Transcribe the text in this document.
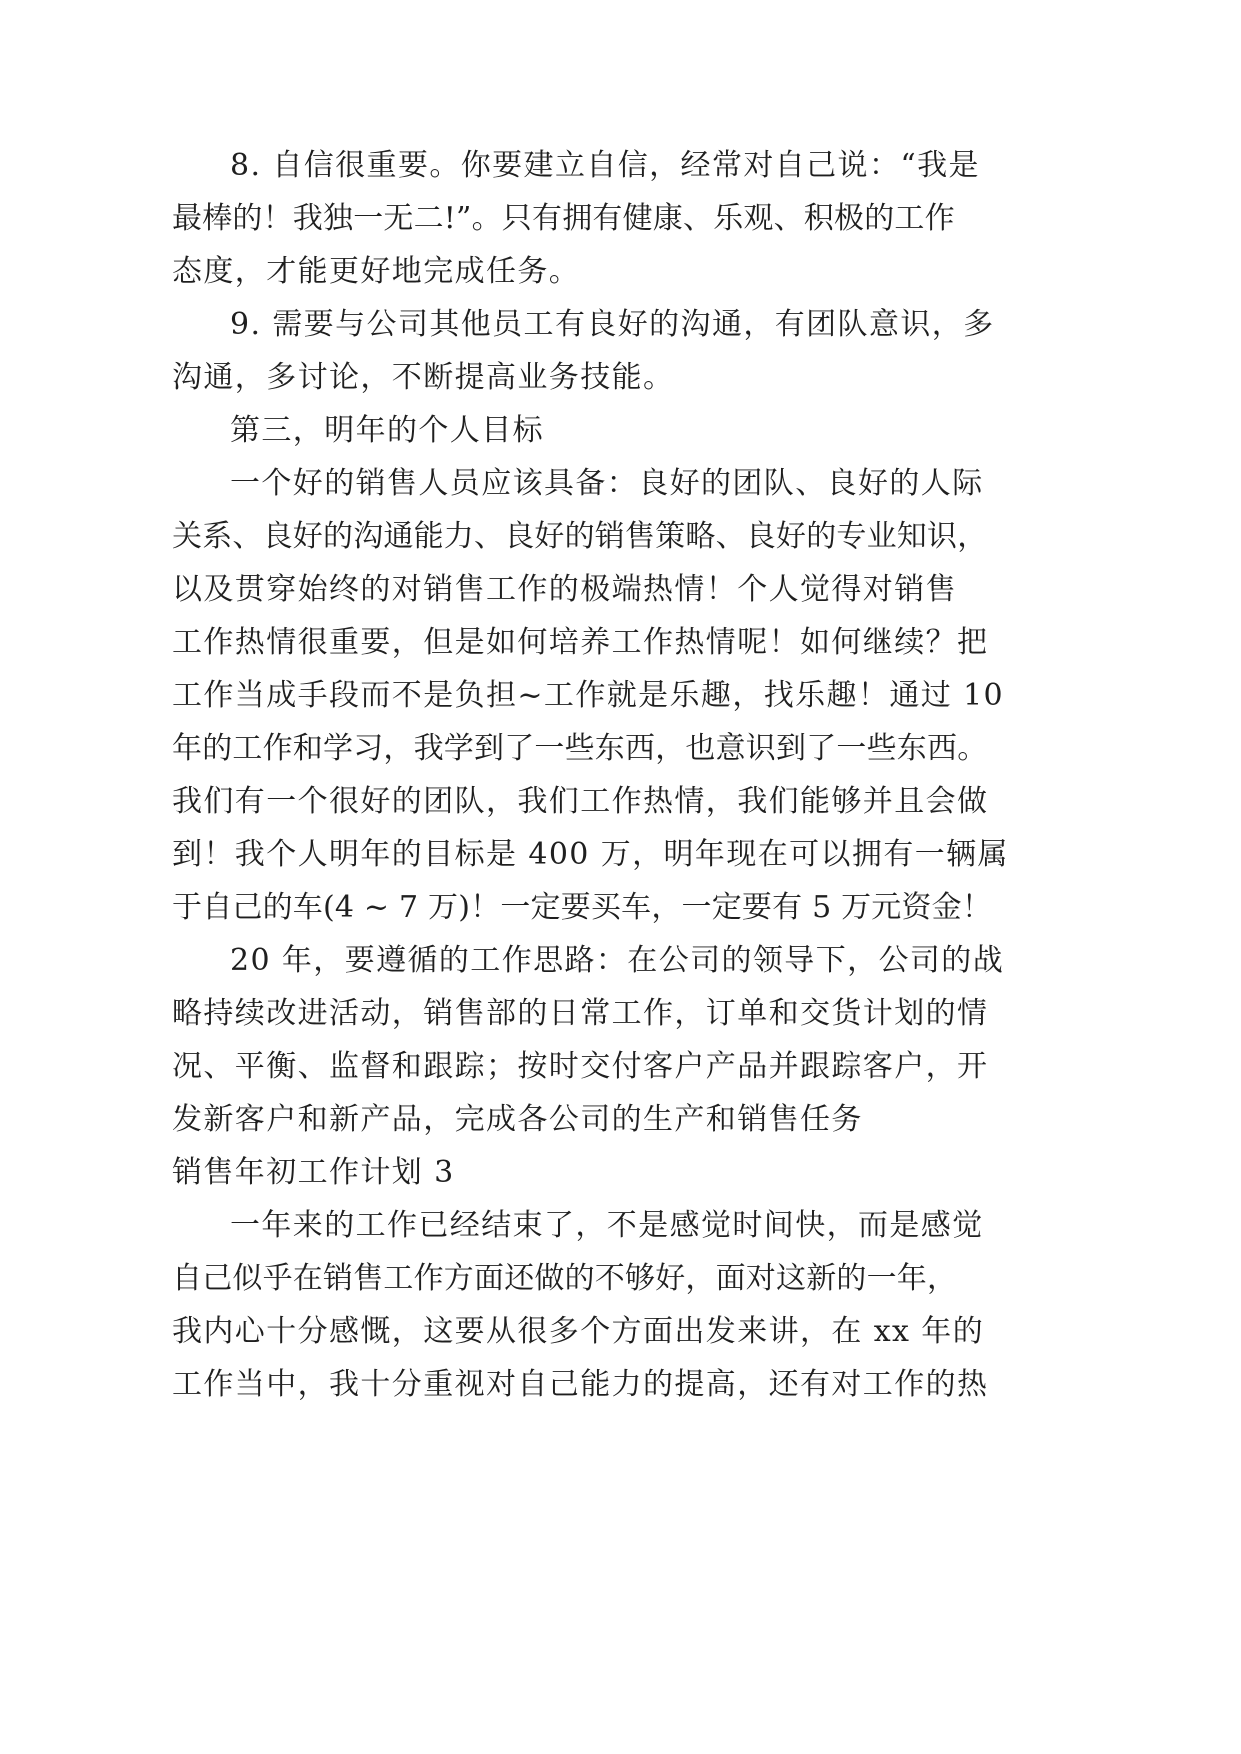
8. 自信很重要。你要建立自信，经常对自己说：“我是

最棒的！我独一无二!”。只有拥有健康、乐观、积极的工作

态度，才能更好地完成任务。

9. 需要与公司其他员工有良好的沟通，有团队意识，多

沟通，多讨论，不断提高业务技能。

第三，明年的个人目标

一个好的销售人员应该具备：良好的团队、良好的人际

关系、良好的沟通能力、良好的销售策略、良好的专业知识，

以及贯穿始终的对销售工作的极端热情！个人觉得对销售

工作热情很重要，但是如何培养工作热情呢！如何继续？把

工作当成手段而不是负担~工作就是乐趣，找乐趣！通过 10

年的工作和学习，我学到了一些东西，也意识到了一些东西。

我们有一个很好的团队，我们工作热情，我们能够并且会做

到！我个人明年的目标是 400 万，明年现在可以拥有一辆属

于自己的车(4 ~ 7 万)！一定要买车，一定要有 5 万元资金！

20 年，要遵循的工作思路：在公司的领导下，公司的战

略持续改进活动，销售部的日常工作，订单和交货计划的情

况、平衡、监督和跟踪；按时交付客户产品并跟踪客户，开

发新客户和新产品，完成各公司的生产和销售任务

销售年初工作计划 3

一年来的工作已经结束了，不是感觉时间快，而是感觉

自己似乎在销售工作方面还做的不够好，面对这新的一年，

我内心十分感慨，这要从很多个方面出发来讲，在 xx 年的

工作当中，我十分重视对自己能力的提高，还有对工作的热
